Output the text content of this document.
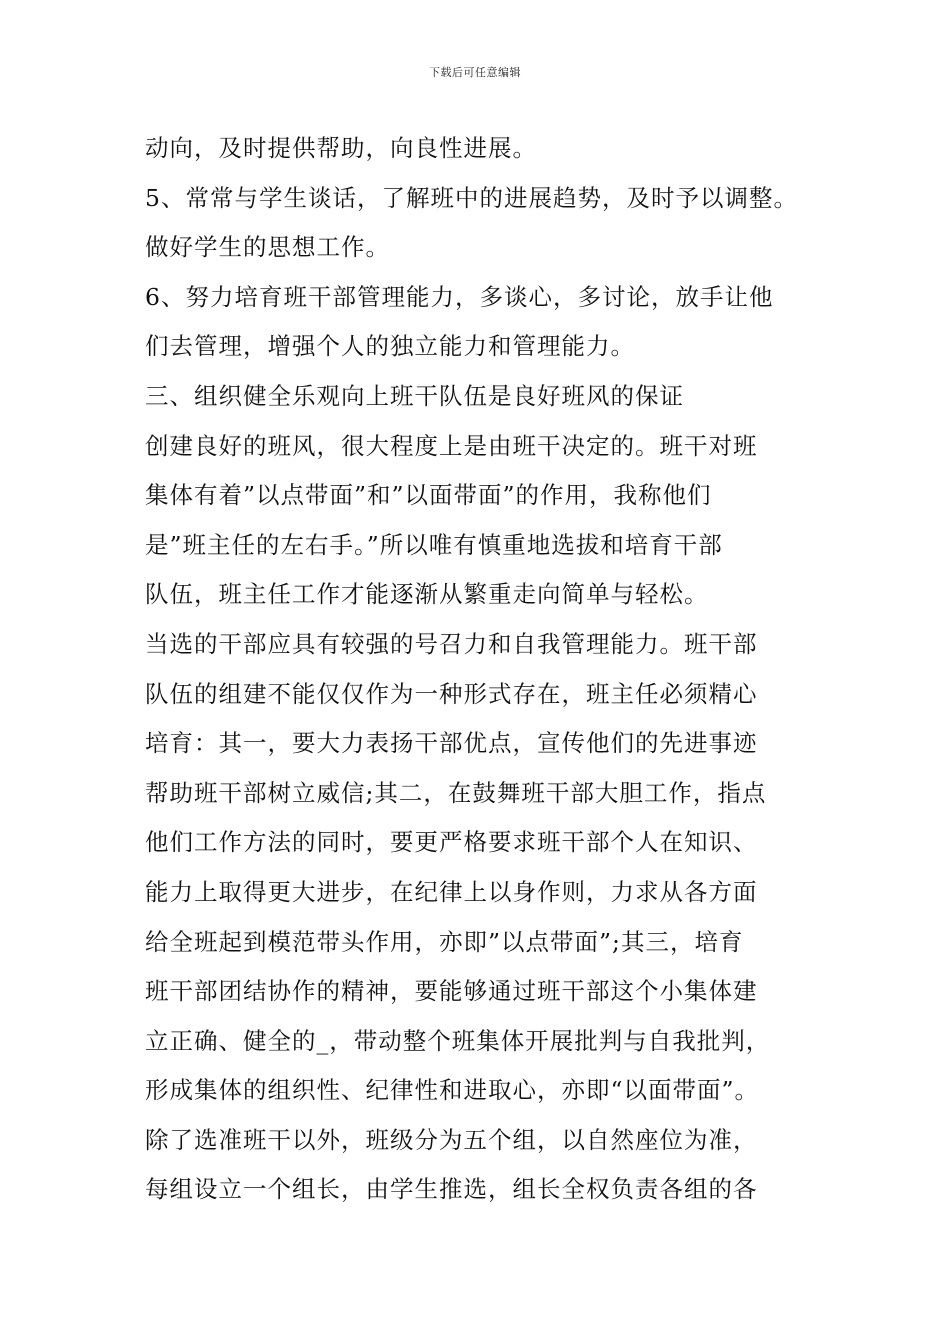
下载后可任意编辑
动向，及时提供帮助，向良性进展。
5、常常与学生谈话，了解班中的进展趋势，及时予以调整。
做好学生的思想工作。
6、努力培育班干部管理能力，多谈心，多讨论，放手让他
们去管理，增强个人的独立能力和管理能力。
三、组织健全乐观向上班干队伍是良好班风的保证
创建良好的班风，很大程度上是由班干决定的。班干对班
集体有着”以点带面”和”以面带面”的作用，我称他们
是”班主任的左右手。”所以唯有慎重地选拔和培育干部
队伍，班主任工作才能逐渐从繁重走向简单与轻松。
当选的干部应具有较强的号召力和自我管理能力。班干部
队伍的组建不能仅仅作为一种形式存在，班主任必须精心
培育：其一，要大力表扬干部优点，宣传他们的先进事迹
帮助班干部树立威信;其二，在鼓舞班干部大胆工作，指点
他们工作方法的同时，要更严格要求班干部个人在知识、
能力上取得更大进步，在纪律上以身作则，力求从各方面
给全班起到模范带头作用，亦即”以点带面”;其三，培育
班干部团结协作的精神，要能够通过班干部这个小集体建
立正确、健全的_，带动整个班集体开展批判与自我批判，
形成集体的组织性、纪律性和进取心，亦即“以面带面”。
除了选准班干以外，班级分为五个组，以自然座位为准，
每组设立一个组长，由学生推选，组长全权负责各组的各
